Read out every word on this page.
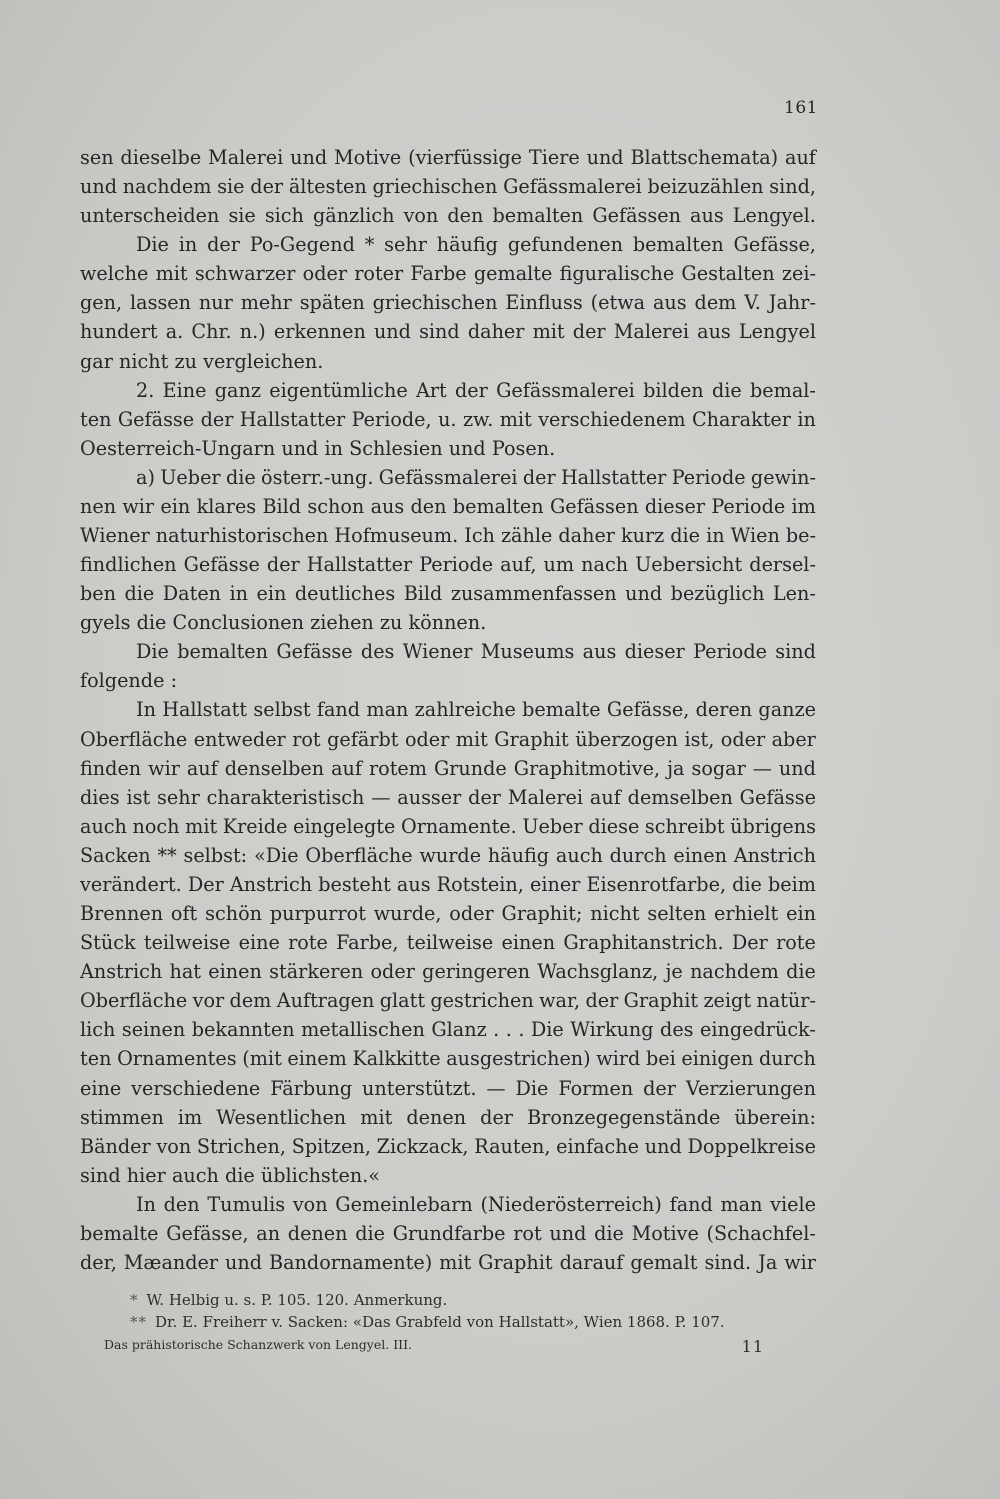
161
sen dieselbe Malerei und Motive (vierfüssige Tiere und Blattschemata) auf
und nachdem sie der ältesten griechischen Gefässmalerei beizuzählen sind,
unterscheiden sie sich gänzlich von den bemalten Gefässen aus Lengyel.
Die in der Po-Gegend * sehr häufig gefundenen bemalten Gefässe,
welche mit schwarzer oder roter Farbe gemalte figuralische Gestalten zei-
gen, lassen nur mehr späten griechischen Einfluss (etwa aus dem V. Jahr-
hundert a. Chr. n.) erkennen und sind daher mit der Malerei aus Lengyel
gar nicht zu vergleichen.
2. Eine ganz eigentümliche Art der Gefässmalerei bilden die bemal-
ten Gefässe der Hallstatter Periode, u. zw. mit verschiedenem Charakter in
Oesterreich-Ungarn und in Schlesien und Posen.
a) Ueber die österr.-ung. Gefässmalerei der Hallstatter Periode gewin-
nen wir ein klares Bild schon aus den bemalten Gefässen dieser Periode im
Wiener naturhistorischen Hofmuseum. Ich zähle daher kurz die in Wien be-
findlichen Gefässe der Hallstatter Periode auf, um nach Uebersicht dersel-
ben die Daten in ein deutliches Bild zusammenfassen und bezüglich Len-
gyels die Conclusionen ziehen zu können.
Die bemalten Gefässe des Wiener Museums aus dieser Periode sind
folgende :
In Hallstatt selbst fand man zahlreiche bemalte Gefässe, deren ganze
Oberfläche entweder rot gefärbt oder mit Graphit überzogen ist, oder aber
finden wir auf denselben auf rotem Grunde Graphitmotive, ja sogar — und
dies ist sehr charakteristisch — ausser der Malerei auf demselben Gefässe
auch noch mit Kreide eingelegte Ornamente. Ueber diese schreibt übrigens
Sacken ** selbst: «Die Oberfläche wurde häufig auch durch einen Anstrich
verändert. Der Anstrich besteht aus Rotstein, einer Eisenrotfarbe, die beim
Brennen oft schön purpurrot wurde, oder Graphit; nicht selten erhielt ein
Stück teilweise eine rote Farbe, teilweise einen Graphitanstrich. Der rote
Anstrich hat einen stärkeren oder geringeren Wachsglanz, je nachdem die
Oberfläche vor dem Auftragen glatt gestrichen war, der Graphit zeigt natür-
lich seinen bekannten metallischen Glanz . . . Die Wirkung des eingedrück-
ten Ornamentes (mit einem Kalkkitte ausgestrichen) wird bei einigen durch
eine verschiedene Färbung unterstützt. — Die Formen der Verzierungen
stimmen im Wesentlichen mit denen der Bronzegegenstände überein:
Bänder von Strichen, Spitzen, Zickzack, Rauten, einfache und Doppelkreise
sind hier auch die üblichsten.«
In den Tumulis von Gemeinlebarn (Niederösterreich) fand man viele
bemalte Gefässe, an denen die Grundfarbe rot und die Motive (Schachfel-
der, Mæander und Bandornamente) mit Graphit darauf gemalt sind. Ja wir
* W. Helbig u. s. P. 105. 120. Anmerkung.
** Dr. E. Freiherr v. Sacken: «Das Grabfeld von Hallstatt», Wien 1868. P. 107.
Das prähistorische Schanzwerk von Lengyel. III.	11
